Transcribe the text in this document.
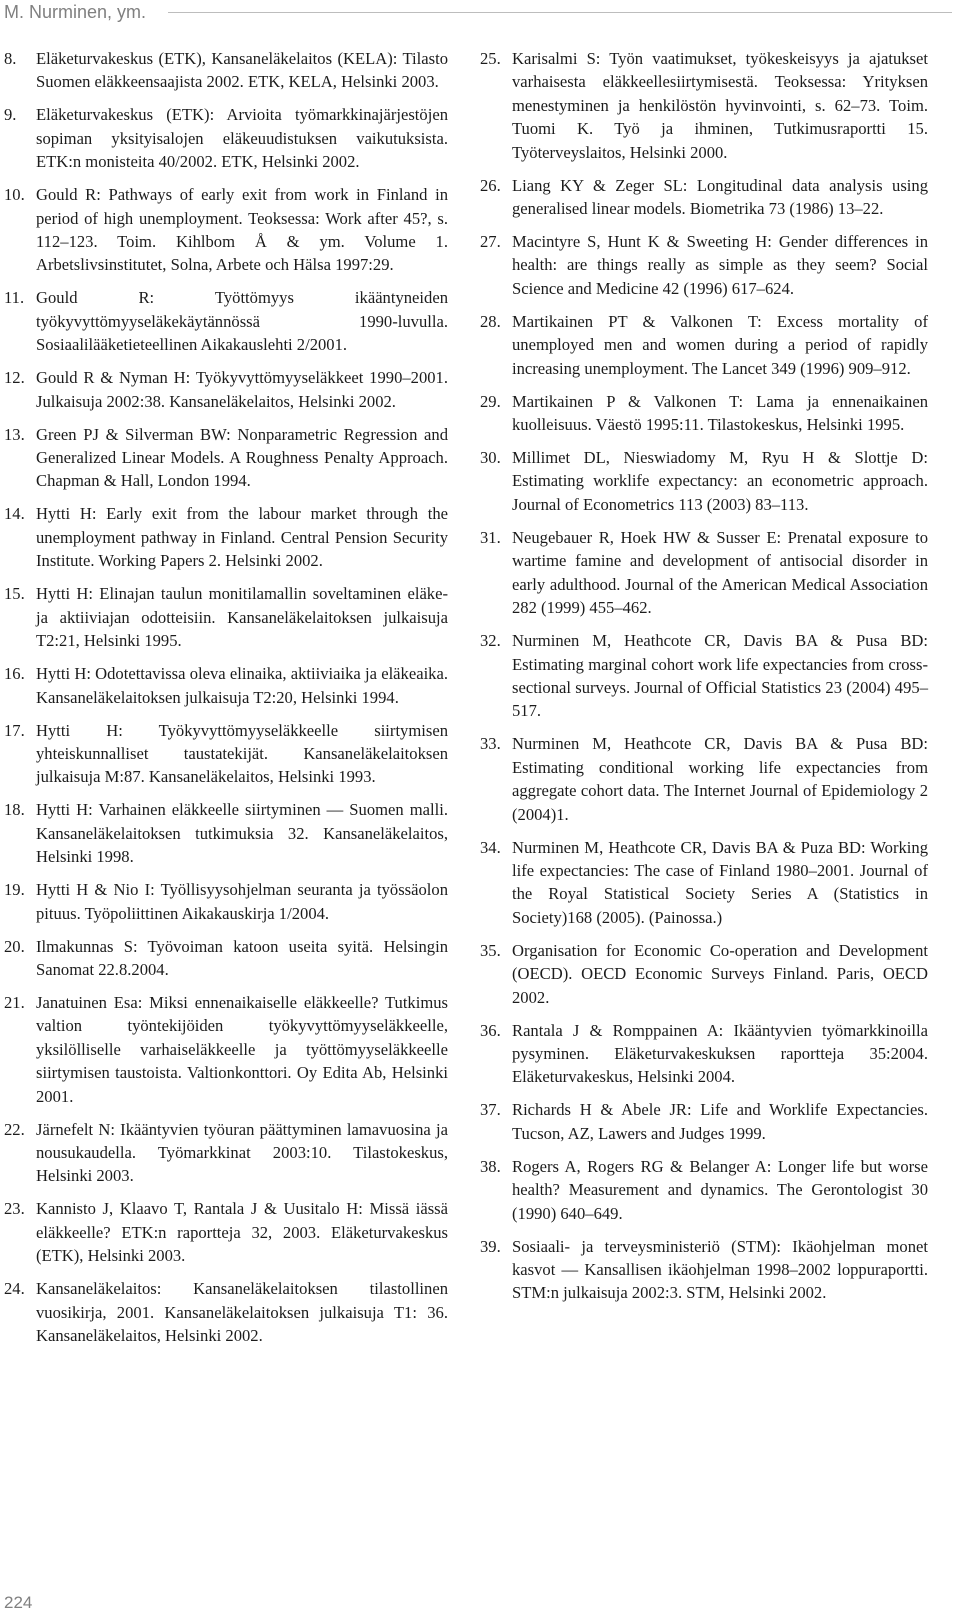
M. Nurminen, ym.
8. Eläketurvakeskus (ETK), Kansaneläkelaitos (KELA): Tilasto Suomen eläkkeensaajista 2002. ETK, KELA, Helsinki 2003.
9. Eläketurvakeskus (ETK): Arvioita työmarkkinajärjestöjen sopiman yksityisalojen eläkeuudistuksen vaikutuksista. ETK:n monisteita 40/2002. ETK, Helsinki 2002.
10. Gould R: Pathways of early exit from work in Finland in period of high unemployment. Teoksessa: Work after 45?, s. 112–123. Toim. Kihlbom Å & ym. Volume 1. Arbetslivsinstitutet, Solna, Arbete och Hälsa 1997:29.
11. Gould R: Työttömyys ikääntyneiden työkyvyttömyyseläkekäytännössä 1990-luvulla. Sosiaalilääketieteellinen Aikakauslehti 2/2001.
12. Gould R & Nyman H: Työkyvyttömyyseläkkeet 1990–2001. Julkaisuja 2002:38. Kansaneläkelaitos, Helsinki 2002.
13. Green PJ & Silverman BW: Nonparametric Regression and Generalized Linear Models. A Roughness Penalty Approach. Chapman & Hall, London 1994.
14. Hytti H: Early exit from the labour market through the unemployment pathway in Finland. Central Pension Security Institute. Working Papers 2. Helsinki 2002.
15. Hytti H: Elinajan taulun monitilamallin soveltaminen eläke- ja aktiiviajan odotteisiin. Kansaneläkelaitoksen julkaisuja T2:21, Helsinki 1995.
16. Hytti H: Odotettavissa oleva elinaika, aktiiviaika ja eläkeaika. Kansaneläkelaitoksen julkaisuja T2:20, Helsinki 1994.
17. Hytti H: Työkyvyttömyyseläkkeelle siirtymisen yhteiskunnalliset taustatekijät. Kansaneläkelaitoksen julkaisuja M:87. Kansaneläkelaitos, Helsinki 1993.
18. Hytti H: Varhainen eläkkeelle siirtyminen — Suomen malli. Kansaneläkelaitoksen tutkimuksia 32. Kansaneläkelaitos, Helsinki 1998.
19. Hytti H & Nio I: Työllisyysohjelman seuranta ja työssäolon pituus. Työpoliittinen Aikakauskirja 1/2004.
20. Ilmakunnas S: Työvoiman katoon useita syitä. Helsingin Sanomat 22.8.2004.
21. Janatuinen Esa: Miksi ennenaikaiselle eläkkeelle? Tutkimus valtion työntekijöiden työkyvyttömyyseläkkeelle, yksilölliselle varhaiseläkkeelle ja työttömyyseläkkeelle siirtymisen taustoista. Valtionkonttori. Oy Edita Ab, Helsinki 2001.
22. Järnefelt N: Ikääntyvien työuran päättyminen lamavuosina ja nousukaudella. Työmarkkinat 2003:10. Tilastokeskus, Helsinki 2003.
23. Kannisto J, Klaavo T, Rantala J & Uusitalo H: Missä iässä eläkkeelle? ETK:n raportteja 32, 2003. Eläketurvakeskus (ETK), Helsinki 2003.
24. Kansaneläkelaitos: Kansaneläkelaitoksen tilastollinen vuosikirja, 2001. Kansaneläkelaitoksen julkaisuja T1: 36. Kansaneläkelaitos, Helsinki 2002.
25. Karisalmi S: Työn vaatimukset, työkeskeisyys ja ajatukset varhaisesta eläkkeellesiirtymisestä. Teoksessa: Yrityksen menestyminen ja henkilöstön hyvinvointi, s. 62–73. Toim. Tuomi K. Työ ja ihminen, Tutkimusraportti 15. Työterveyslaitos, Helsinki 2000.
26. Liang KY & Zeger SL: Longitudinal data analysis using generalised linear models. Biometrika 73 (1986) 13–22.
27. Macintyre S, Hunt K & Sweeting H: Gender differences in health: are things really as simple as they seem? Social Science and Medicine 42 (1996) 617–624.
28. Martikainen PT & Valkonen T: Excess mortality of unemployed men and women during a period of rapidly increasing unemployment. The Lancet 349 (1996) 909–912.
29. Martikainen P & Valkonen T: Lama ja ennenaikainen kuolleisuus. Väestö 1995:11. Tilastokeskus, Helsinki 1995.
30. Millimet DL, Nieswiadomy M, Ryu H & Slottje D: Estimating worklife expectancy: an econometric approach. Journal of Econometrics 113 (2003) 83–113.
31. Neugebauer R, Hoek HW & Susser E: Prenatal exposure to wartime famine and development of antisocial disorder in early adulthood. Journal of the American Medical Association 282 (1999) 455–462.
32. Nurminen M, Heathcote CR, Davis BA & Pusa BD: Estimating marginal cohort work life expectancies from cross-sectional surveys. Journal of Official Statistics 23 (2004) 495–517.
33. Nurminen M, Heathcote CR, Davis BA & Pusa BD: Estimating conditional working life expectancies from aggregate cohort data. The Internet Journal of Epidemiology 2 (2004)1.
34. Nurminen M, Heathcote CR, Davis BA & Puza BD: Working life expectancies: The case of Finland 1980–2001. Journal of the Royal Statistical Society Series A (Statistics in Society)168 (2005). (Painossa.)
35. Organisation for Economic Co-operation and Development (OECD). OECD Economic Surveys Finland. Paris, OECD 2002.
36. Rantala J & Romppainen A: Ikääntyvien työmarkkinoilla pysyminen. Eläketurvakeskuksen raportteja 35:2004. Eläketurvakeskus, Helsinki 2004.
37. Richards H & Abele JR: Life and Worklife Expectancies. Tucson, AZ, Lawers and Judges 1999.
38. Rogers A, Rogers RG & Belanger A: Longer life but worse health? Measurement and dynamics. The Gerontologist 30 (1990) 640–649.
39. Sosiaali- ja terveysministeriö (STM): Ikäohjelman monet kasvot — Kansallisen ikäohjelman 1998–2002 loppuraportti. STM:n julkaisuja 2002:3. STM, Helsinki 2002.
224
